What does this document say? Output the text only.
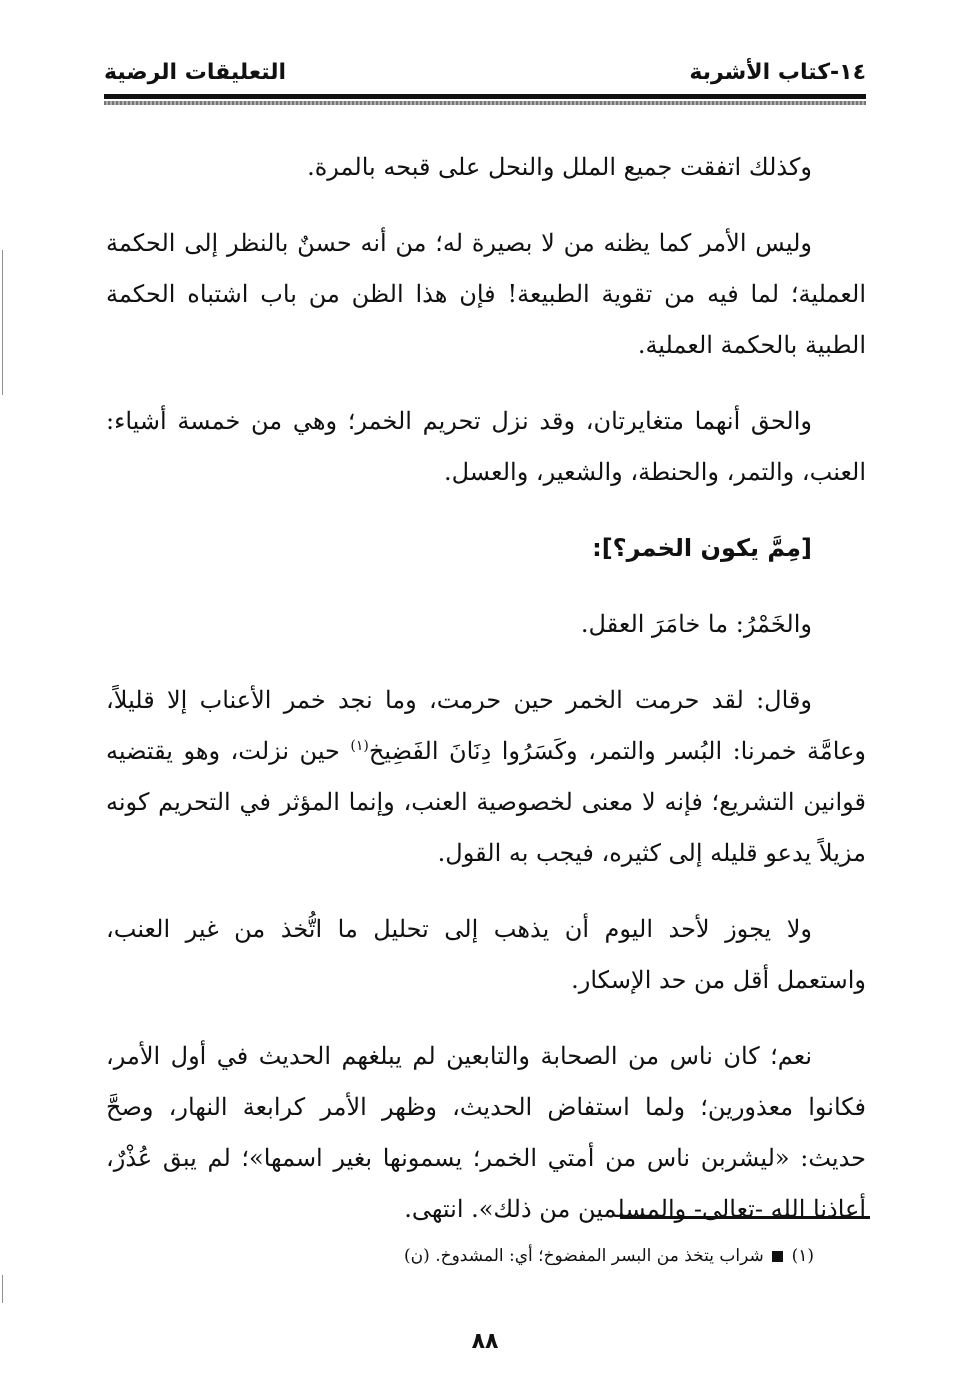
١٤-كتاب الأشربة
التعليقات الرضية

وكذلك اتفقت جميع الملل والنحل على قبحه بالمرة.

وليس الأمر كما يظنه من لا بصيرة له؛ من أنه حسنٌ بالنظر إلى الحكمة العملية؛ لما فيه من تقوية الطبيعة! فإن هذا الظن من باب اشتباه الحكمة الطبية بالحكمة العملية.

والحق أنهما متغايرتان، وقد نزل تحريم الخمر؛ وهي من خمسة أشياء: العنب، والتمر، والحنطة، والشعير، والعسل.

[مِمَّ يكون الخمر؟]:

والخَمْرُ: ما خامَرَ العقل.

وقال: لقد حرمت الخمر حين حرمت، وما نجد خمر الأعناب إلا قليلاً، وعامَّة خمرنا: البُسر والتمر، وكَسَرُوا دِنَانَ الفَضِيخ$^{(١)}$ حين نزلت، وهو يقتضيه قوانين التشريع؛ فإنه لا معنى لخصوصية العنب، وإنما المؤثر في التحريم كونه مزيلاً يدعو قليله إلى كثيره، فيجب به القول.

ولا يجوز لأحد اليوم أن يذهب إلى تحليل ما اتُّخذ من غير العنب، واستعمل أقل من حد الإسكار.

نعم؛ كان ناس من الصحابة والتابعين لم يبلغهم الحديث في أول الأمر، فكانوا معذورين؛ ولما استفاض الحديث، وظهر الأمر كرابعة النهار، وصحَّ حديث: «ليشربن ناس من أمتي الخمر؛ يسمونها بغير اسمها»؛ لم يبق عُذْرٌ، أعاذنا الله -تعالى- والمسلمين من ذلك». انتهى.

(١)  شراب يتخذ من البسر المفضوخ؛ أي: المشدوخ. (ن)
٨٨
